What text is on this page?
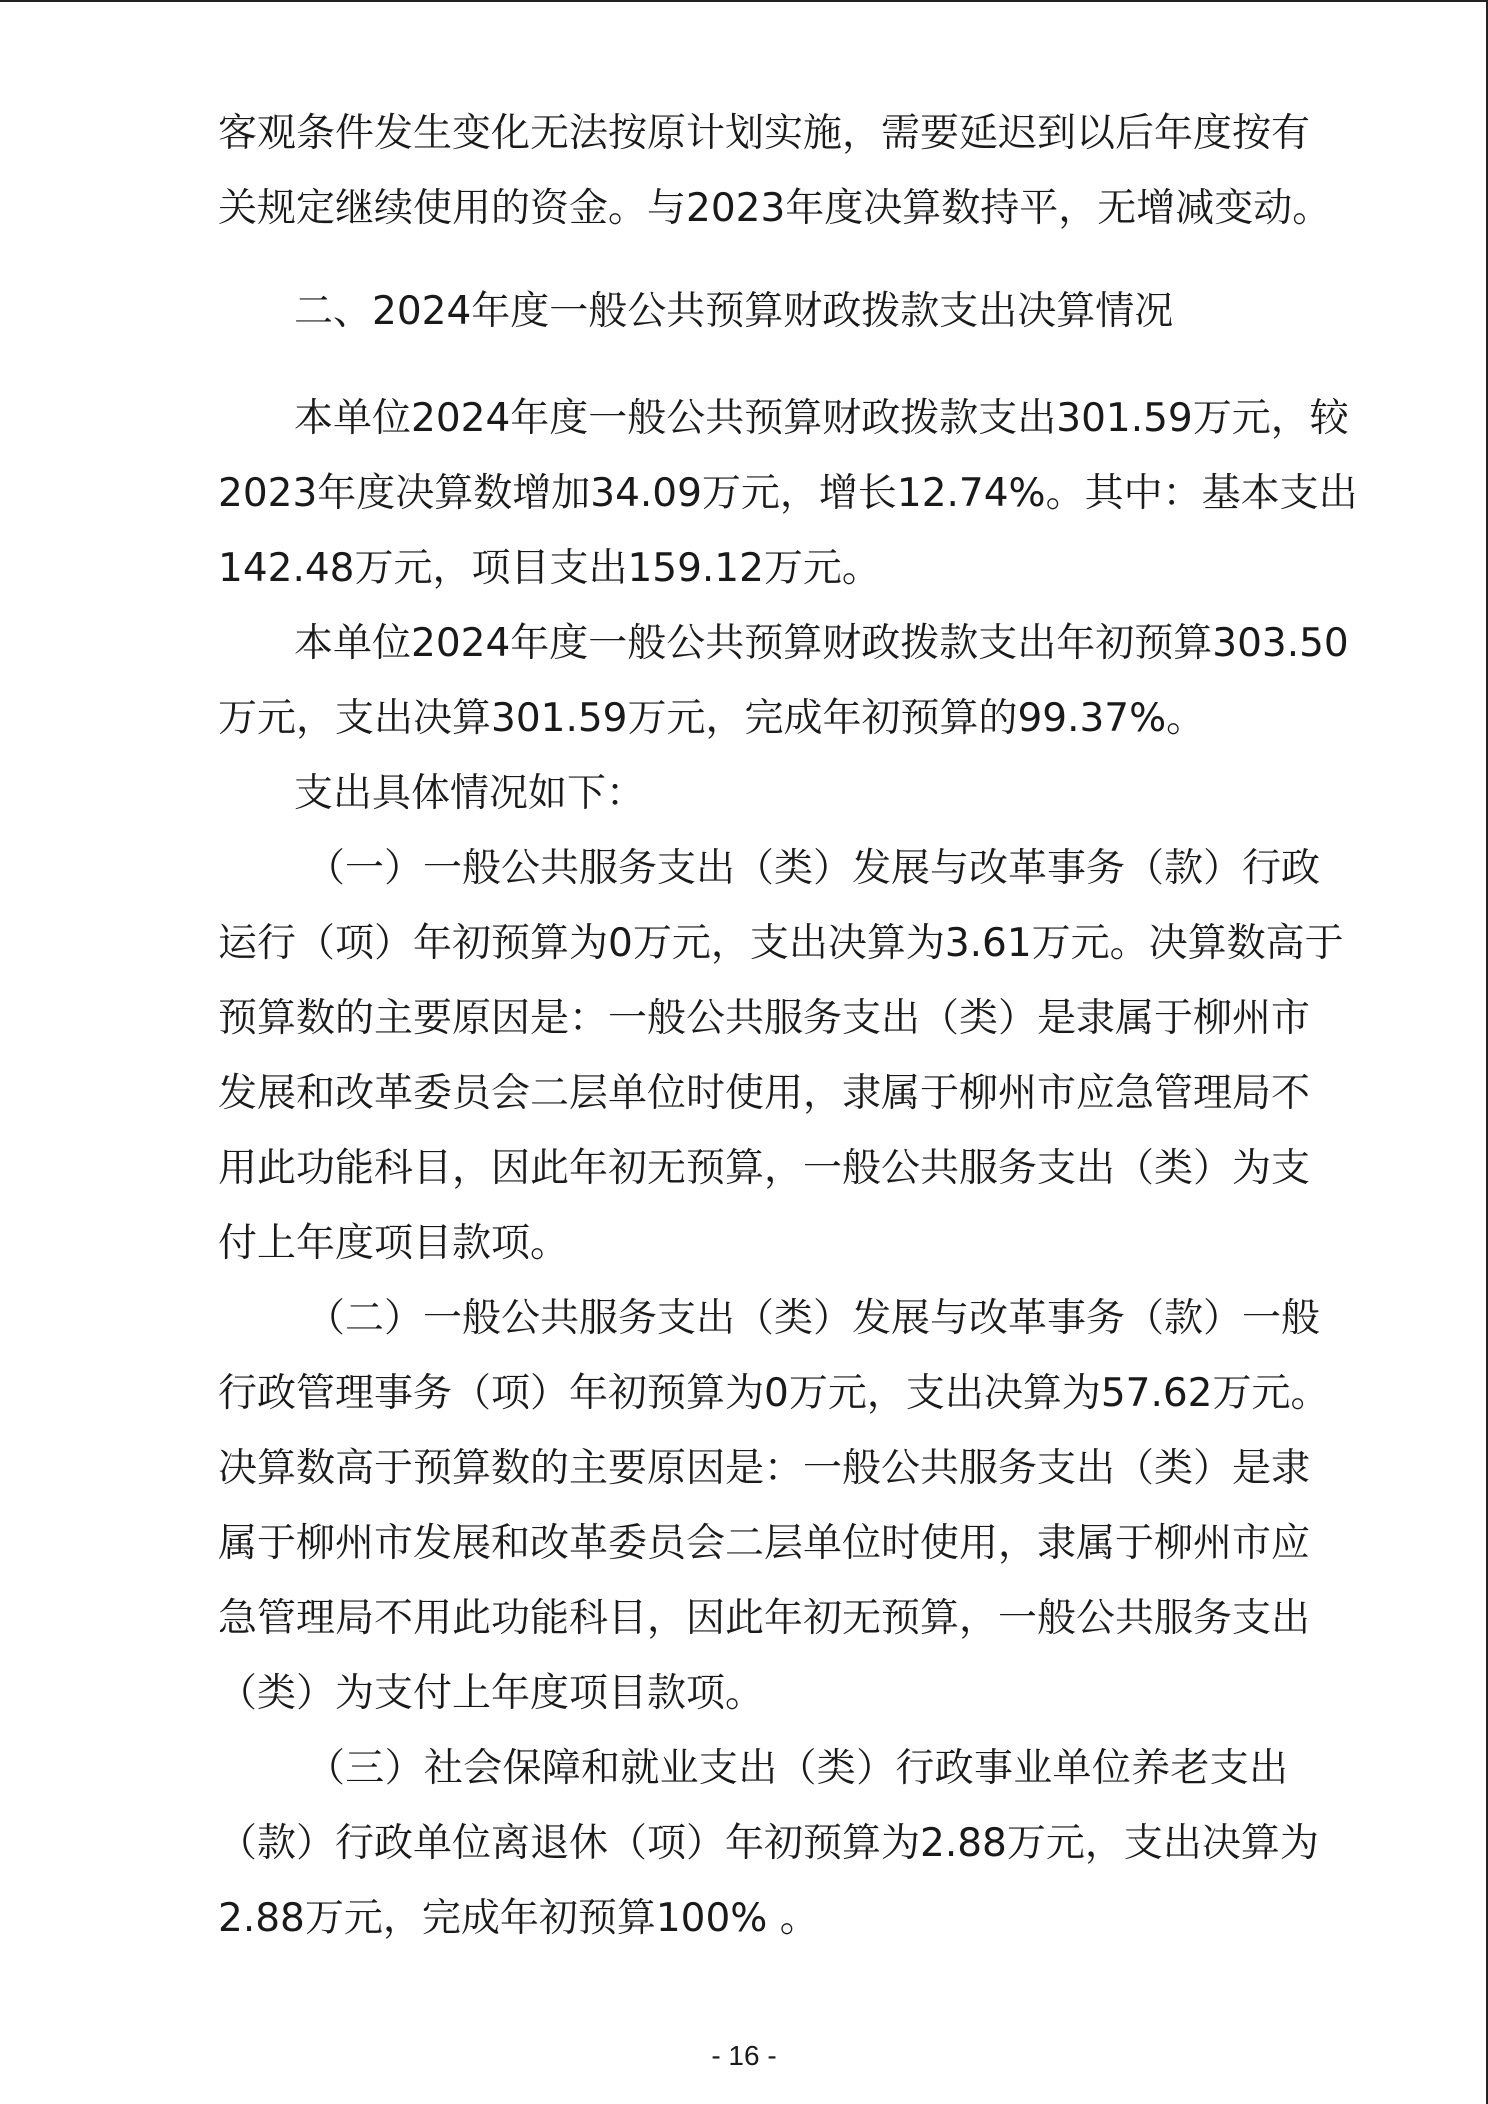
客观条件发生变化无法按原计划实施，需要延迟到以后年度按有
关规定继续使用的资金。与2023年度决算数持平，无增减变动。
二、2024年度一般公共预算财政拨款支出决算情况
本单位2024年度一般公共预算财政拨款支出301.59万元，较
2023年度决算数增加34.09万元，增长12.74%。其中：基本支出
142.48万元，项目支出159.12万元。
本单位2024年度一般公共预算财政拨款支出年初预算303.50
万元，支出决算301.59万元，完成年初预算的99.37%。
支出具体情况如下：
（一）一般公共服务支出（类）发展与改革事务（款）行政
运行（项）年初预算为0万元，支出决算为3.61万元。决算数高于
预算数的主要原因是：一般公共服务支出（类）是隶属于柳州市
发展和改革委员会二层单位时使用，隶属于柳州市应急管理局不
用此功能科目，因此年初无预算，一般公共服务支出（类）为支
付上年度项目款项。
（二）一般公共服务支出（类）发展与改革事务（款）一般
行政管理事务（项）年初预算为0万元，支出决算为57.62万元。
决算数高于预算数的主要原因是：一般公共服务支出（类）是隶
属于柳州市发展和改革委员会二层单位时使用，隶属于柳州市应
急管理局不用此功能科目，因此年初无预算，一般公共服务支出
（类）为支付上年度项目款项。
（三）社会保障和就业支出（类）行政事业单位养老支出
（款）行政单位离退休（项）年初预算为2.88万元，支出决算为
2.88万元，完成年初预算100% 。
- 16 -
